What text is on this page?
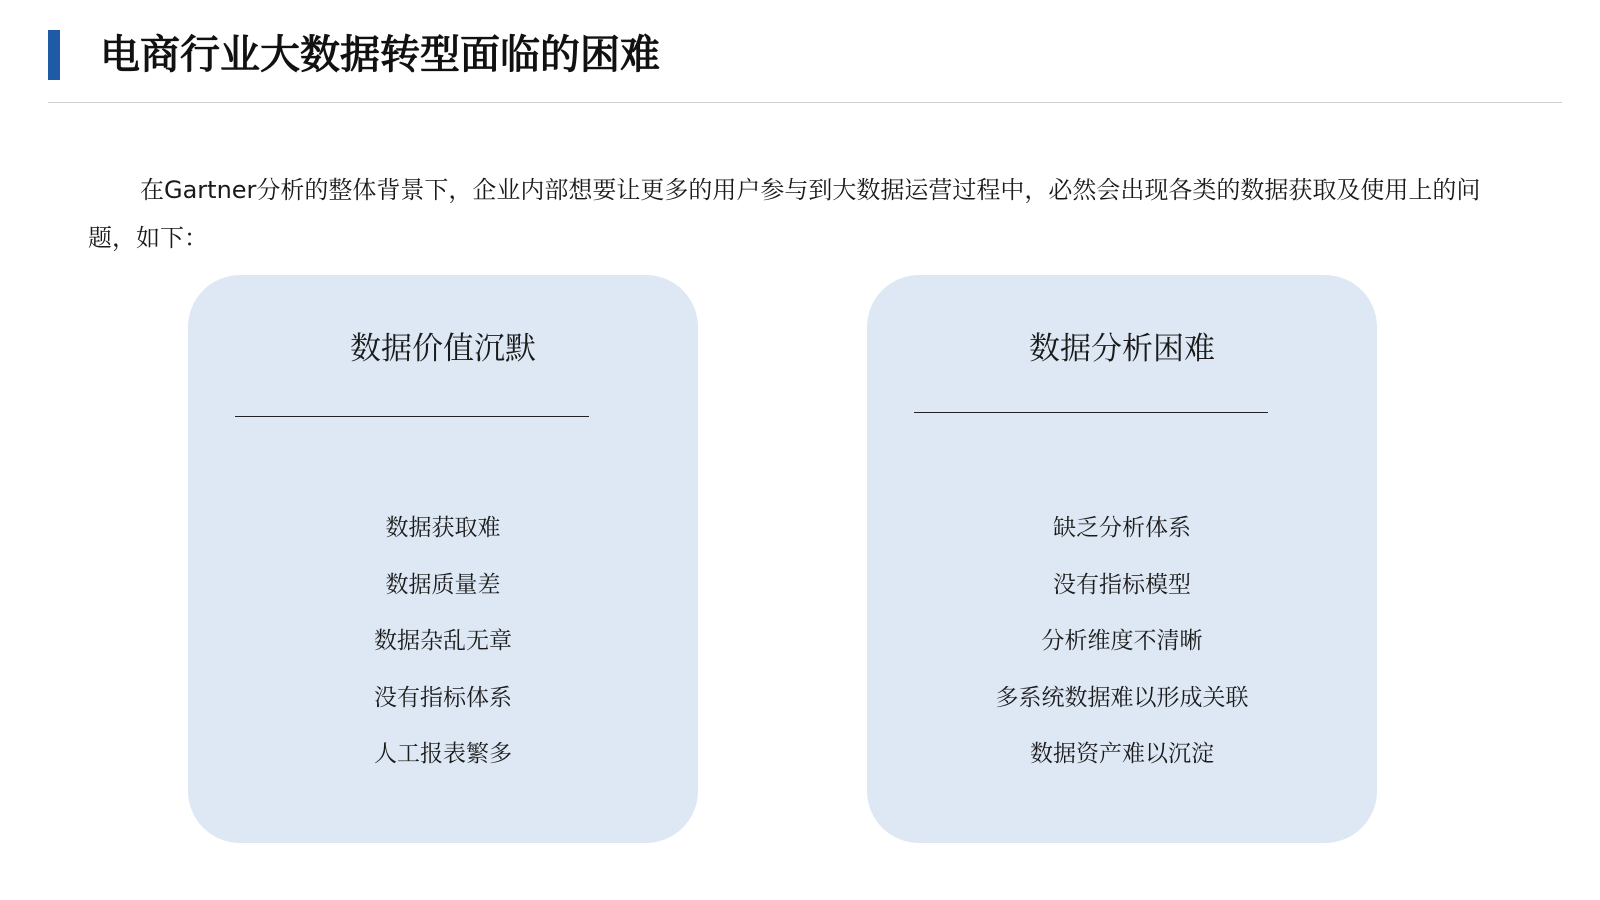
电商行业大数据转型面临的困难

在Gartner分析的整体背景下，企业内部想要让更多的用户参与到大数据运营过程中，必然会出现各类的数据获取及使用上的问题，如下：

数据价值沉默
数据获取难
数据质量差
数据杂乱无章
没有指标体系
人工报表繁多
数据分析困难
缺乏分析体系
没有指标模型
分析维度不清晰
多系统数据难以形成关联
数据资产难以沉淀
